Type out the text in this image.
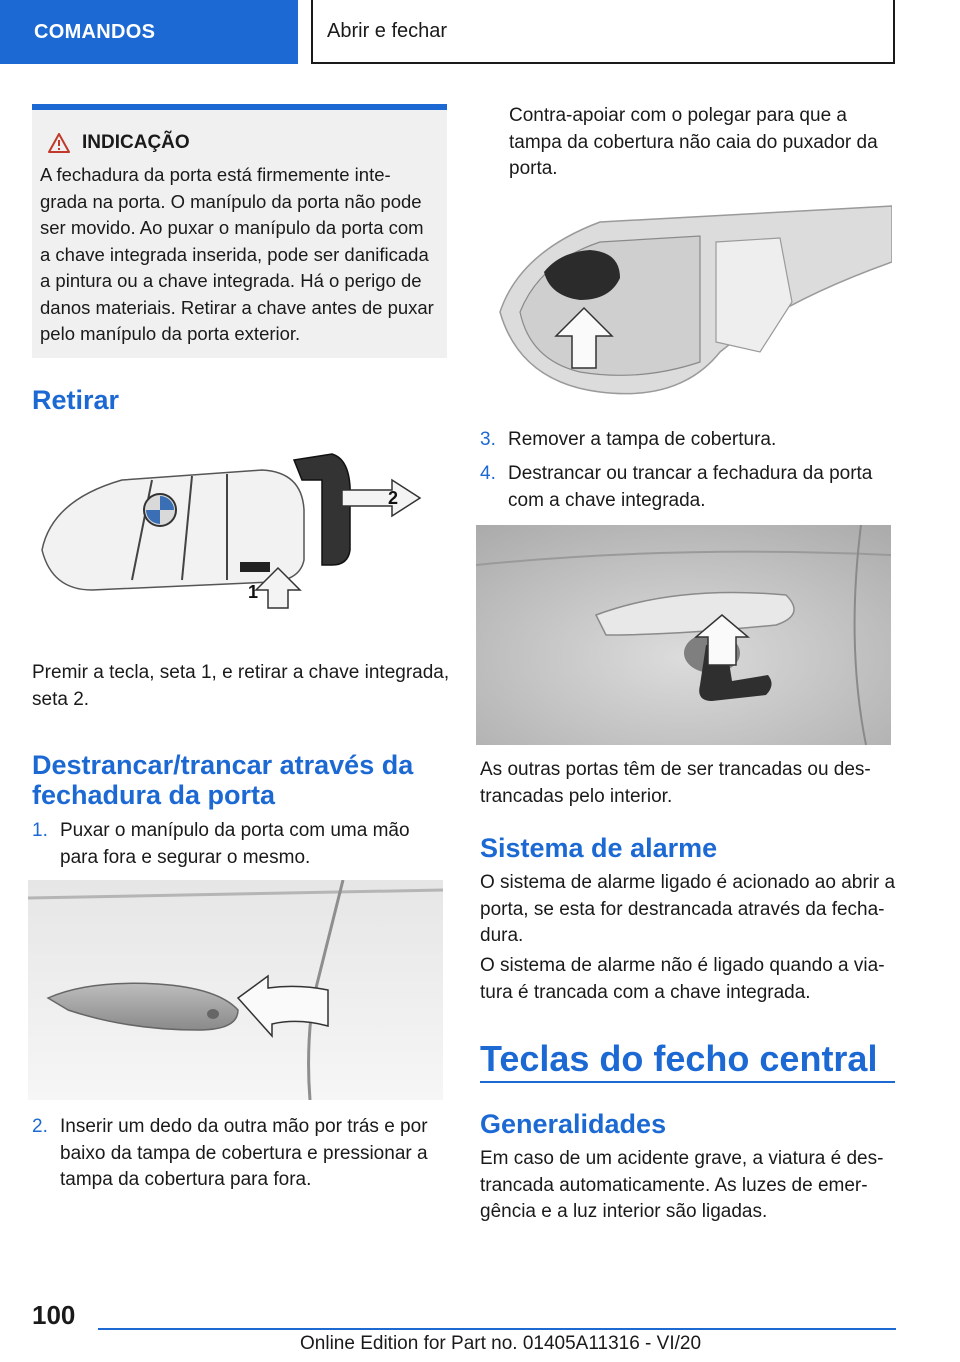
COMANDOS	Abrir e fechar
INDICAÇÃO
A fechadura da porta está firmemente inte-
grada na porta. O manípulo da porta não pode
ser movido. Ao puxar o manípulo da porta com
a chave integrada inserida, pode ser danificada
a pintura ou a chave integrada. Há o perigo de
danos materiais. Retirar a chave antes de puxar
pelo manípulo da porta exterior.
Retirar
1
2
Premir a tecla, seta 1, e retirar a chave integrada,
seta 2.
Destrancar/trancar através da
fechadura da porta
1. Puxar o manípulo da porta com uma mão
para fora e segurar o mesmo.
2. Inserir um dedo da outra mão por trás e por
baixo da tampa de cobertura e pressionar a
tampa da cobertura para fora.
Contra-apoiar com o polegar para que a
tampa da cobertura não caia do puxador da
porta.
3. Remover a tampa de cobertura.
4. Destrancar ou trancar a fechadura da porta
com a chave integrada.
As outras portas têm de ser trancadas ou des-
trancadas pelo interior.
Sistema de alarme
O sistema de alarme ligado é acionado ao abrir a
porta, se esta for destrancada através da fecha-
dura.
O sistema de alarme não é ligado quando a via-
tura é trancada com a chave integrada.
Teclas do fecho central
Generalidades
Em caso de um acidente grave, a viatura é des-
trancada automaticamente. As luzes de emer-
gência e a luz interior são ligadas.
100
Online Edition for Part no. 01405A11316 - VI/20
